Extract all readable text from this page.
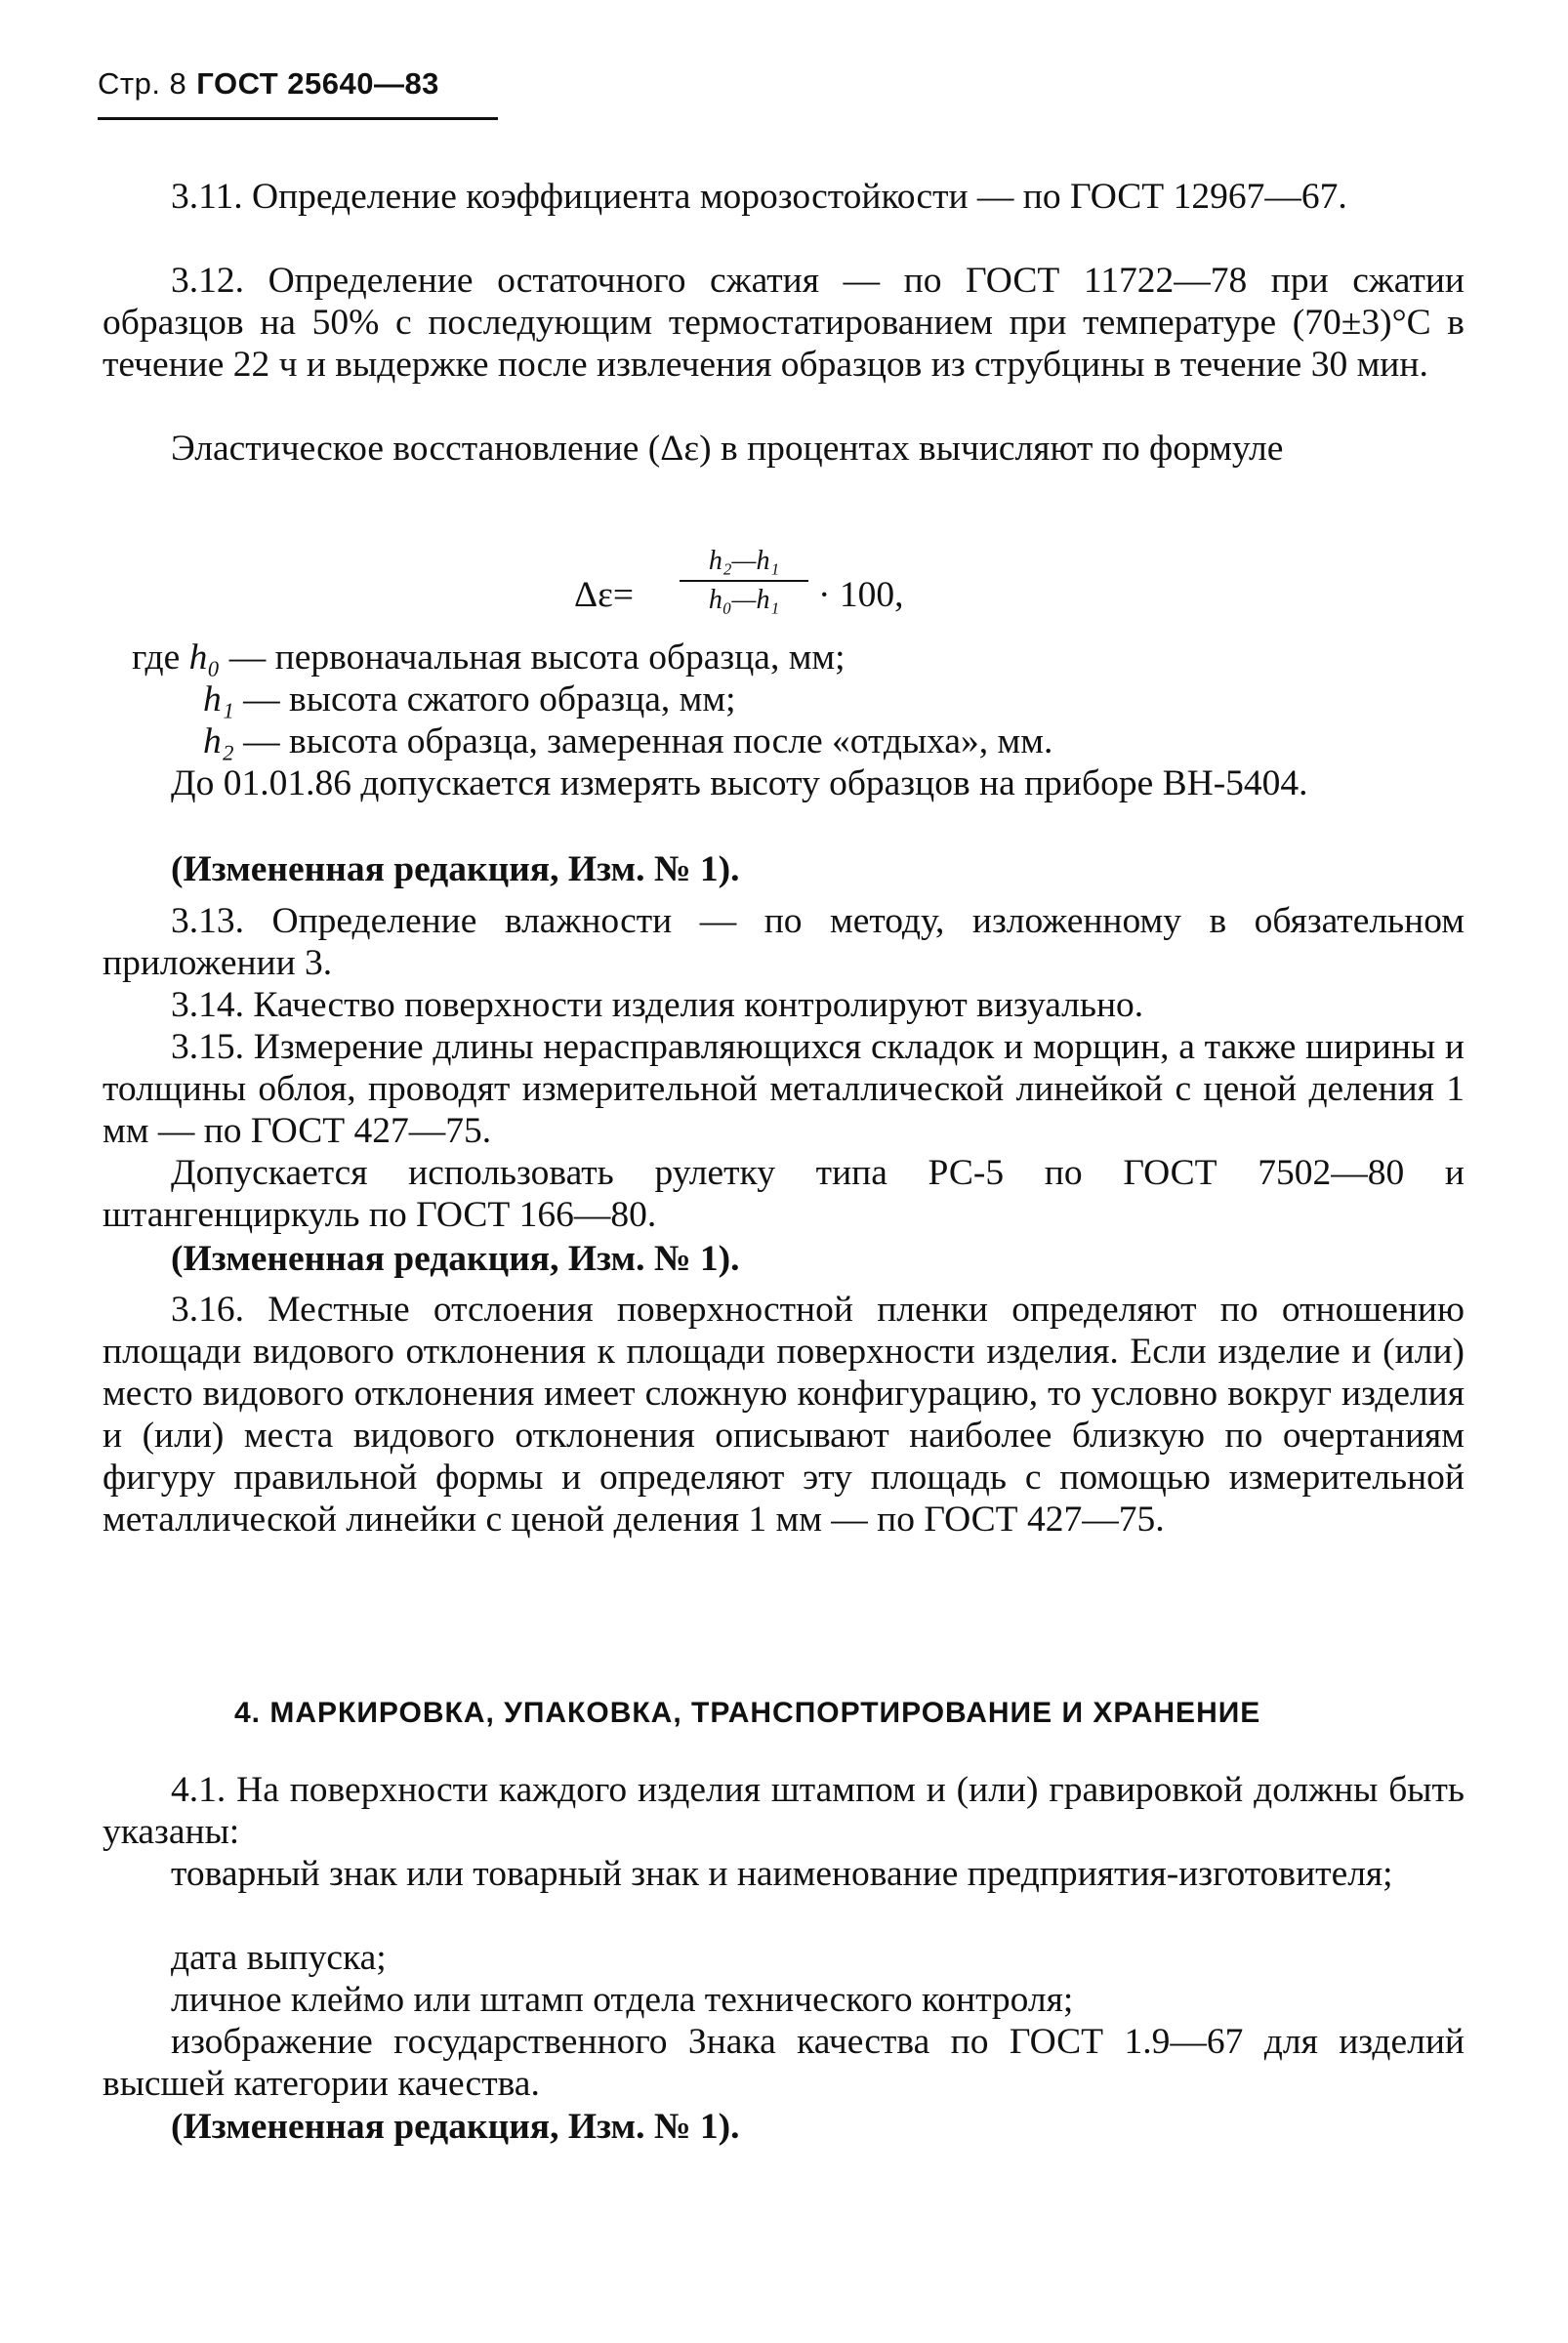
Стр. 8 ГОСТ 25640—83

3.11. Определение коэффициента морозостойкости — по ГОСТ 12967—67.

3.12. Определение остаточного сжатия — по ГОСТ 11722—78 при сжатии образцов на 50% с последующим термостатированием при температуре (70±3)°С в течение 22 ч и выдержке после извлечения образцов из струбцины в течение 30 мин.

Эластическое восстановление (Δε) в процентах вычисляют по формуле

Δε=
h₂—h₁
h₀—h₁	· 100,
где h₀ — первоначальная высота образца, мм;
h₁ — высота сжатого образца, мм;
h₂ — высота образца, замеренная после «отдыха», мм.

До 01.01.86 допускается измерять высоту образцов на приборе ВН-5404.

(Измененная редакция, Изм. № 1).

3.13. Определение влажности — по методу, изложенному в обязательном приложении 3.

3.14. Качество поверхности изделия контролируют визуально.

3.15. Измерение длины нерасправляющихся складок и морщин, а также ширины и толщины облоя, проводят измерительной металлической линейкой с ценой деления 1 мм — по ГОСТ 427—75.

Допускается использовать рулетку типа РС-5 по ГОСТ 7502—80 и штангенциркуль по ГОСТ 166—80.

(Измененная редакция, Изм. № 1).

3.16. Местные отслоения поверхностной пленки определяют по отношению площади видового отклонения к площади поверхности изделия. Если изделие и (или) место видового отклонения имеет сложную конфигурацию, то условно вокруг изделия и (или) места видового отклонения описывают наиболее близкую по очертаниям фигуру правильной формы и определяют эту площадь с помощью измерительной металлической линейки с ценой деления 1 мм — по ГОСТ 427—75.

4. МАРКИРОВКА, УПАКОВКА, ТРАНСПОРТИРОВАНИЕ И ХРАНЕНИЕ

4.1. На поверхности каждого изделия штампом и (или) гравировкой должны быть указаны:

товарный знак или товарный знак и наименование предприятия-изготовителя;

дата выпуска;

личное клеймо или штамп отдела технического контроля;

изображение государственного Знака качества по ГОСТ 1.9—67 для изделий высшей категории качества.

(Измененная редакция, Изм. № 1).
